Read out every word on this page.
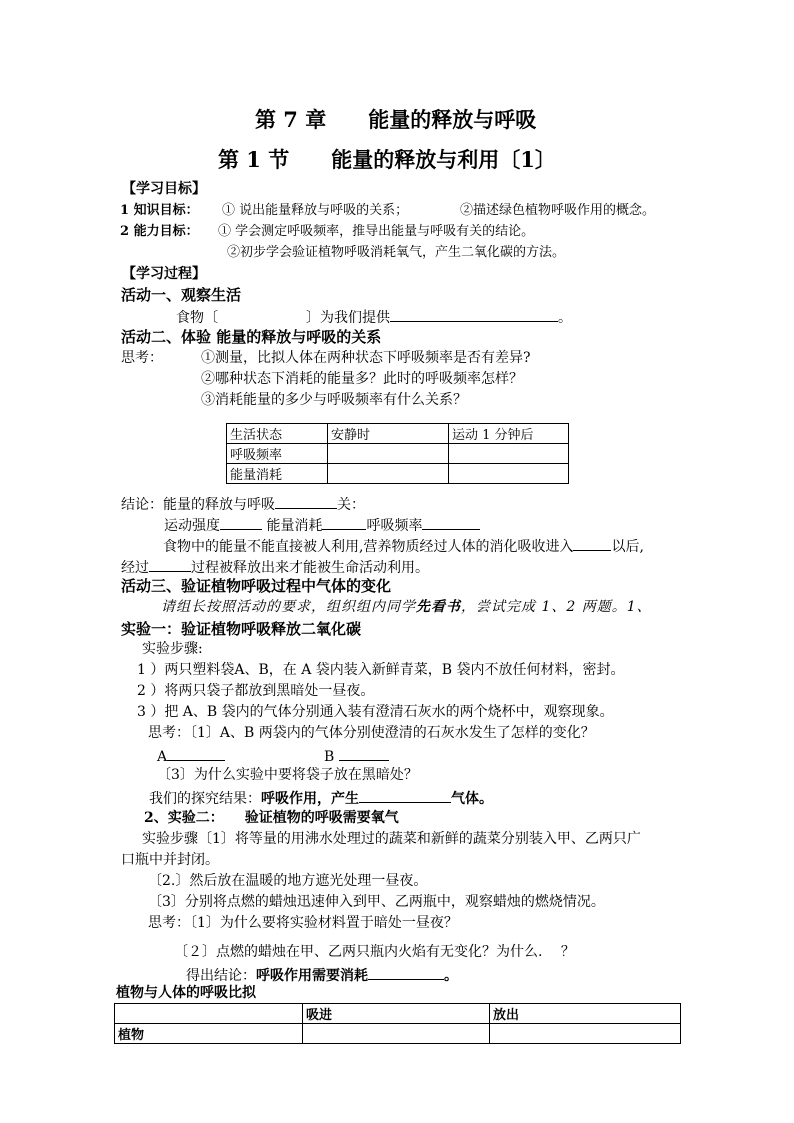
第 7 章　　能量的释放与呼吸
第 1 节　　能量的释放与利用〔1〕
【学习目标】
1 知识目标： ① 说出能量释放与呼吸的关系；	②描述绿色植物呼吸作用的概念。
2 能力目标： ① 学会测定呼吸频率，推导出能量与呼吸有关的结论。
②初步学会验证植物呼吸消耗氧气，产生二氧化碳的方法。
【学习过程】
活动一、观察生活
食物〔	〕为我们提供	。
活动二、体验 能量的释放与呼吸的关系
思考：	①测量，比拟人体在两种状态下呼吸频率是否有差异?
②哪种状态下消耗的能量多？此时的呼吸频率怎样？
③消耗能量的多少与呼吸频率有什么关系？
生活状态	安静时	运动 1 分钟后
呼吸频率		
能量消耗		
结论：能量的释放与呼吸	关：
运动强度	能量消耗	呼吸频率
食物中的能量不能直接被人利用,营养物质经过人体的消化吸收进入	以后,
经过	过程被释放出来才能被生命活动利用。
活动三、验证植物呼吸过程中气体的变化
请组长按照活动的要求，组织组内同学先看书，尝试完成 1、2 两题。1、
实验一：验证植物呼吸释放二氧化碳
实验步骤:
1 ）两只塑料袋A、B，在 A 袋内装入新鲜青菜，B 袋内不放任何材料，密封。
2 ）将两只袋子都放到黑暗处一昼夜。
3 ）把 A、B 袋内的气体分别通入装有澄清石灰水的两个烧杯中，观察现象。
思考：〔1〕A、B 两袋内的气体分别使澄清的石灰水发生了怎样的变化？
A	B
〔3〕为什么实验中要将袋子放在黑暗处？
我们的探究结果：呼吸作用，产生	气体。
2、实验二：　　验证植物的呼吸需要氧气
实验步骤〔1〕将等量的用沸水处理过的蔬菜和新鲜的蔬菜分别装入甲、乙两只广
口瓶中并封闭。
〔2.〕然后放在温暖的地方遮光处理一昼夜。
〔3〕分别将点燃的蜡烛迅速伸入到甲、乙两瓶中，观察蜡烛的燃烧情况。
思考：〔1〕为什么要将实验材料置于暗处一昼夜？
〔２〕点燃的蜡烛在甲、乙两只瓶内火焰有无变化？为什么.　 ？
得出结论：呼吸作用需要消耗	。
植物与人体的呼吸比拟
	吸进	放出
植物		
